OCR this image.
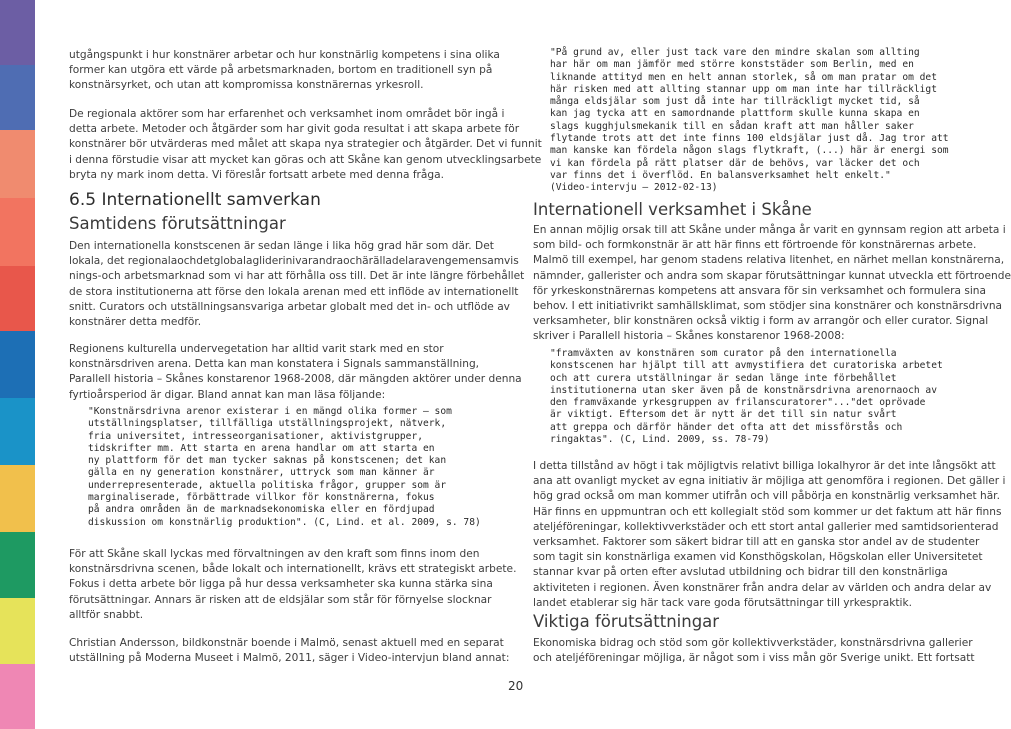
utgångspunkt i hur konstnärer arbetar och hur konstnärlig kompetens i sina olika
former kan utgöra ett värde på arbetsmarknaden, bortom en traditionell syn på
konstnärsyrket, och utan att kompromissa konstnärernas yrkesroll.
De regionala aktörer som har erfarenhet och verksamhet inom området bör ingå i
detta arbete. Metoder och åtgärder som har givit goda resultat i att skapa arbete för
konstnärer bör utvärderas med målet att skapa nya strategier och åtgärder. Det vi funnit
i denna förstudie visar att mycket kan göras och att Skåne kan genom utvecklingsarbete
bryta ny mark inom detta. Vi föreslår fortsatt arbete med denna fråga.
6.5 Internationellt samverkan
Samtidens förutsättningar
Den internationella konstscenen är sedan länge i lika hög grad här som där. Det
lokala, det regionalaochdetglobalagliderinivarandraochärälladelaravengemensamvis
nings-och arbetsmarknad som vi har att förhålla oss till. Det är inte längre förbehållet
de stora institutionerna att förse den lokala arenan med ett inflöde av internationellt
snitt. Curators och utställningsansvariga arbetar globalt med det in- och utflöde av
konstnärer detta medför.
Regionens kulturella undervegetation har alltid varit stark med en stor
konstnärsdriven arena. Detta kan man konstatera i Signals sammanställning,
Parallell historia – Skånes konstarenor 1968-2008, där mängden aktörer under denna
fyrtioårsperiod är digar. Bland annat kan man läsa följande:
"Konstnärsdrivna arenor existerar i en mängd olika former – som
utställningsplatser, tillfälliga utställningsprojekt, nätverk,
fria universitet, intresseorganisationer, aktivistgrupper,
tidskrifter mm. Att starta en arena handlar om att starta en
ny plattform för det man tycker saknas på konstscenen; det kan
gälla en ny generation konstnärer, uttryck som man känner är
underrepresenterade, aktuella politiska frågor, grupper som är
marginaliserade, förbättrade villkor för konstnärerna, fokus
på andra områden än de marknadsekonomiska eller en fördjupad
diskussion om konstnärlig produktion". (C, Lind. et al. 2009, s. 78)
För att Skåne skall lyckas med förvaltningen av den kraft som finns inom den
konstnärsdrivna scenen, både lokalt och internationellt, krävs ett strategiskt arbete.
Fokus i detta arbete bör ligga på hur dessa verksamheter ska kunna stärka sina
förutsättningar. Annars är risken att de eldsjälar som står för förnyelse slocknar
alltför snabbt.
Christian Andersson, bildkonstnär boende i Malmö, senast aktuell med en separat
utställning på Moderna Museet i Malmö, 2011, säger i Video-intervjun bland annat:
"På grund av, eller just tack vare den mindre skalan som allting
har här om man jämför med större konststäder som Berlin, med en
liknande attityd men en helt annan storlek, så om man pratar om det
här risken med att allting stannar upp om man inte har tillräckligt
många eldsjälar som just då inte har tillräckligt mycket tid, så
kan jag tycka att en samordnande plattform skulle kunna skapa en
slags kugghjulsmekanik till en sådan kraft att man håller saker
flytande trots att det inte finns 100 eldsjälar just då. Jag tror att
man kanske kan fördela någon slags flytkraft, (...) här är energi som
vi kan fördela på rätt platser där de behövs, var läcker det och
var finns det i överflöd. En balansverksamhet helt enkelt."
(Video-intervju – 2012-02-13)
Internationell verksamhet i Skåne
En annan möjlig orsak till att Skåne under många år varit en gynnsam region att arbeta i
som bild- och formkonstnär är att här finns ett förtroende för konstnärernas arbete.
Malmö till exempel, har genom stadens relativa litenhet, en närhet mellan konstnärerna,
nämnder, gallerister och andra som skapar förutsättningar kunnat utveckla ett förtroende
för yrkeskonstnärernas kompetens att ansvara för sin verksamhet och formulera sina
behov. I ett initiativrikt samhällsklimat, som stödjer sina konstnärer och konstnärsdrivna
verksamheter, blir konstnären också viktig i form av arrangör och eller curator. Signal
skriver i Parallell historia – Skånes konstarenor 1968-2008:
"framväxten av konstnären som curator på den internationella
konstscenen har hjälpt till att avmystifiera det curatoriska arbetet
och att curera utställningar är sedan länge inte förbehållet
institutionerna utan sker även på de konstnärsdrivna arenornaoch av
den framväxande yrkesgruppen av frilanscuratorer"..."det oprövade
är viktigt. Eftersom det är nytt är det till sin natur svårt
att greppa och därför händer det ofta att det missförstås och
ringaktas". (C, Lind. 2009, ss. 78-79)
I detta tillstånd av högt i tak möjligtvis relativt billiga lokalhyror är det inte långsökt att
ana att ovanligt mycket av egna initiativ är möjliga att genomföra i regionen. Det gäller i
hög grad också om man kommer utifrån och vill påbörja en konstnärlig verksamhet här.
Här finns en uppmuntran och ett kollegialt stöd som kommer ur det faktum att här finns
ateljéföreningar, kollektivverkstäder och ett stort antal gallerier med samtidsorienterad
verksamhet. Faktorer som säkert bidrar till att en ganska stor andel av de studenter
som tagit sin konstnärliga examen vid Konsthögskolan, Högskolan eller Universitetet
stannar kvar på orten efter avslutad utbildning och bidrar till den konstnärliga
aktiviteten i regionen. Även konstnärer från andra delar av världen och andra delar av
landet etablerar sig här tack vare goda förutsättningar till yrkespraktik.
Viktiga förutsättningar
Ekonomiska bidrag och stöd som gör kollektivverkstäder, konstnärsdrivna gallerier
och ateljéföreningar möjliga, är något som i viss mån gör Sverige unikt. Ett fortsatt
20
